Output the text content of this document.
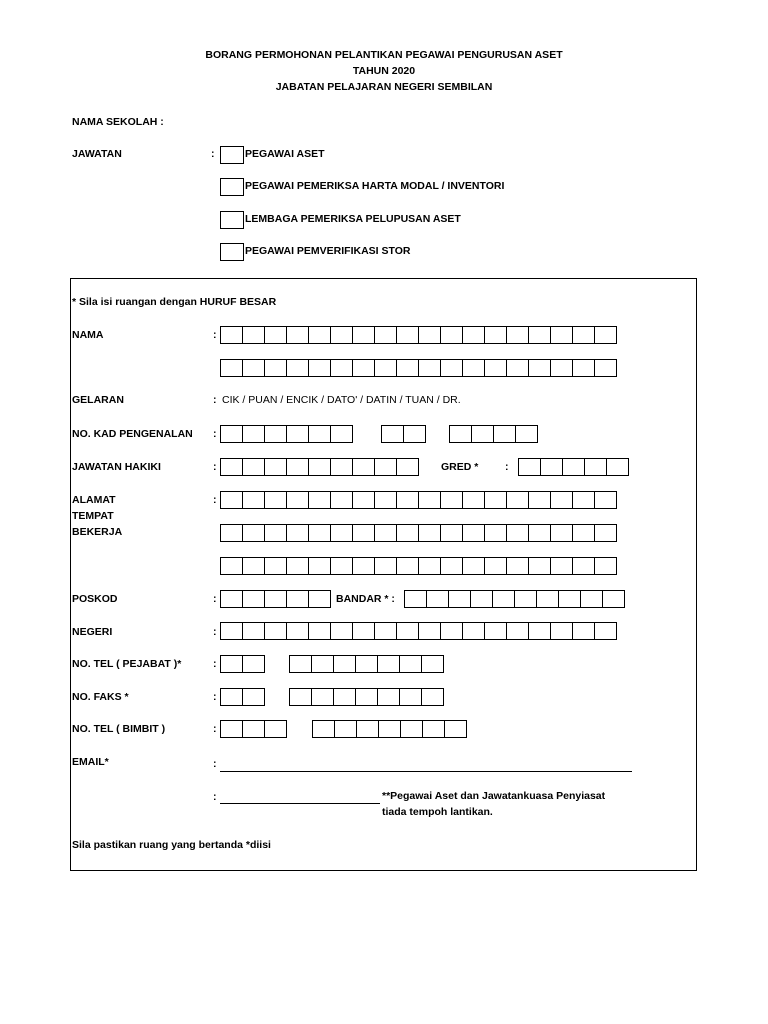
BORANG PERMOHONAN PELANTIKAN PEGAWAI PENGURUSAN ASET
TAHUN 2020
JABATAN PELAJARAN NEGERI SEMBILAN
NAMA SEKOLAH :
JAWATAN	:	PEGAWAI ASET
PEGAWAI PEMERIKSA HARTA MODAL / INVENTORI
LEMBAGA PEMERIKSA PELUPUSAN ASET
PEGAWAI PEMVERIFIKASI STOR
* Sila isi ruangan dengan HURUF BESAR
NAMA	:
GELARAN	: CIK / PUAN / ENCIK / DATO' / DATIN / TUAN / DR.
NO. KAD PENGENALAN :
JAWATAN HAKIKI	:	GRED *	:
ALAMAT
TEMPAT
BEKERJA
:
POSKOD	:	BANDAR * :
NEGERI	:
NO. TEL ( PEJABAT )*	:
NO. FAKS *	:
NO. TEL ( BIMBIT )	:
EMAIL*	:
:	**Pegawai Aset dan Jawatankuasa Penyiasat
tiada tempoh lantikan.
Sila pastikan ruang yang bertanda *diisi
